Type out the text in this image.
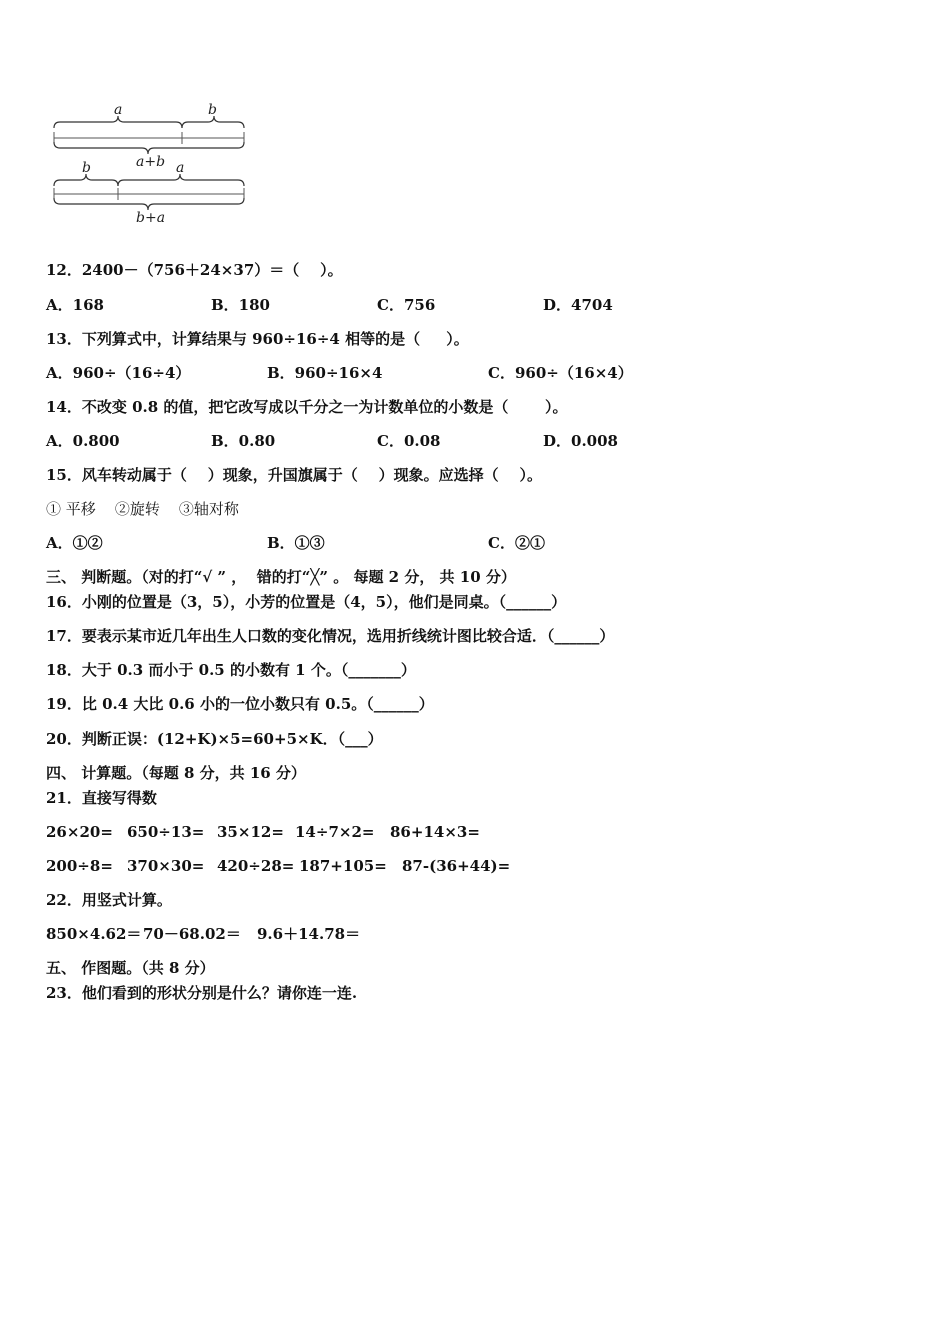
a	b
a+b
b	a
b+a
12．2400－（756＋24×37）＝（    ）。
A．168	B．180	C．756	D．4704
13．下列算式中，计算结果与 960÷16÷4 相等的是（     ）。
A．960÷（16÷4）	B．960÷16×4	C．960÷（16×4）
14．不改变 0.8 的值，把它改写成以千分之一为计数单位的小数是（       ）。
A．0.800	B．0.80	C．0.08	D．0.008
15．风车转动属于（    ）现象，升国旗属于（    ）现象。应选择（    ）。
① 平移    ②旋转    ③轴对称
A．①②	B．①③	C．②①
三、 判断题。（对的打“√ ” ，  错的打“╳” 。 每题 2 分， 共 10 分）
16．小刚的位置是（3，5），小芳的位置是（4，5），他们是同桌。（______）
17．要表示某市近几年出生人口数的变化情况，选用折线统计图比较合适．（______）
18．大于 0.3 而小于 0.5 的小数有 1 个。（_______）
19．比 0.4 大比 0.6 小的一位小数只有 0.5。（______）
20．判断正误：(12+K)×5=60+5×K．（___）
四、 计算题。（每题 8 分，共 16 分）
21．直接写得数
26×20= 650÷13= 35×12= 14÷7×2= 86+14×3=
200÷8= 370×30= 420÷28= 187+105= 87-(36+44)=
22．用竖式计算。
850×4.62＝ 70－68.02＝ 9.6＋14.78＝
五、 作图题。（共 8 分）
23．他们看到的形状分别是什么？请你连一连.
